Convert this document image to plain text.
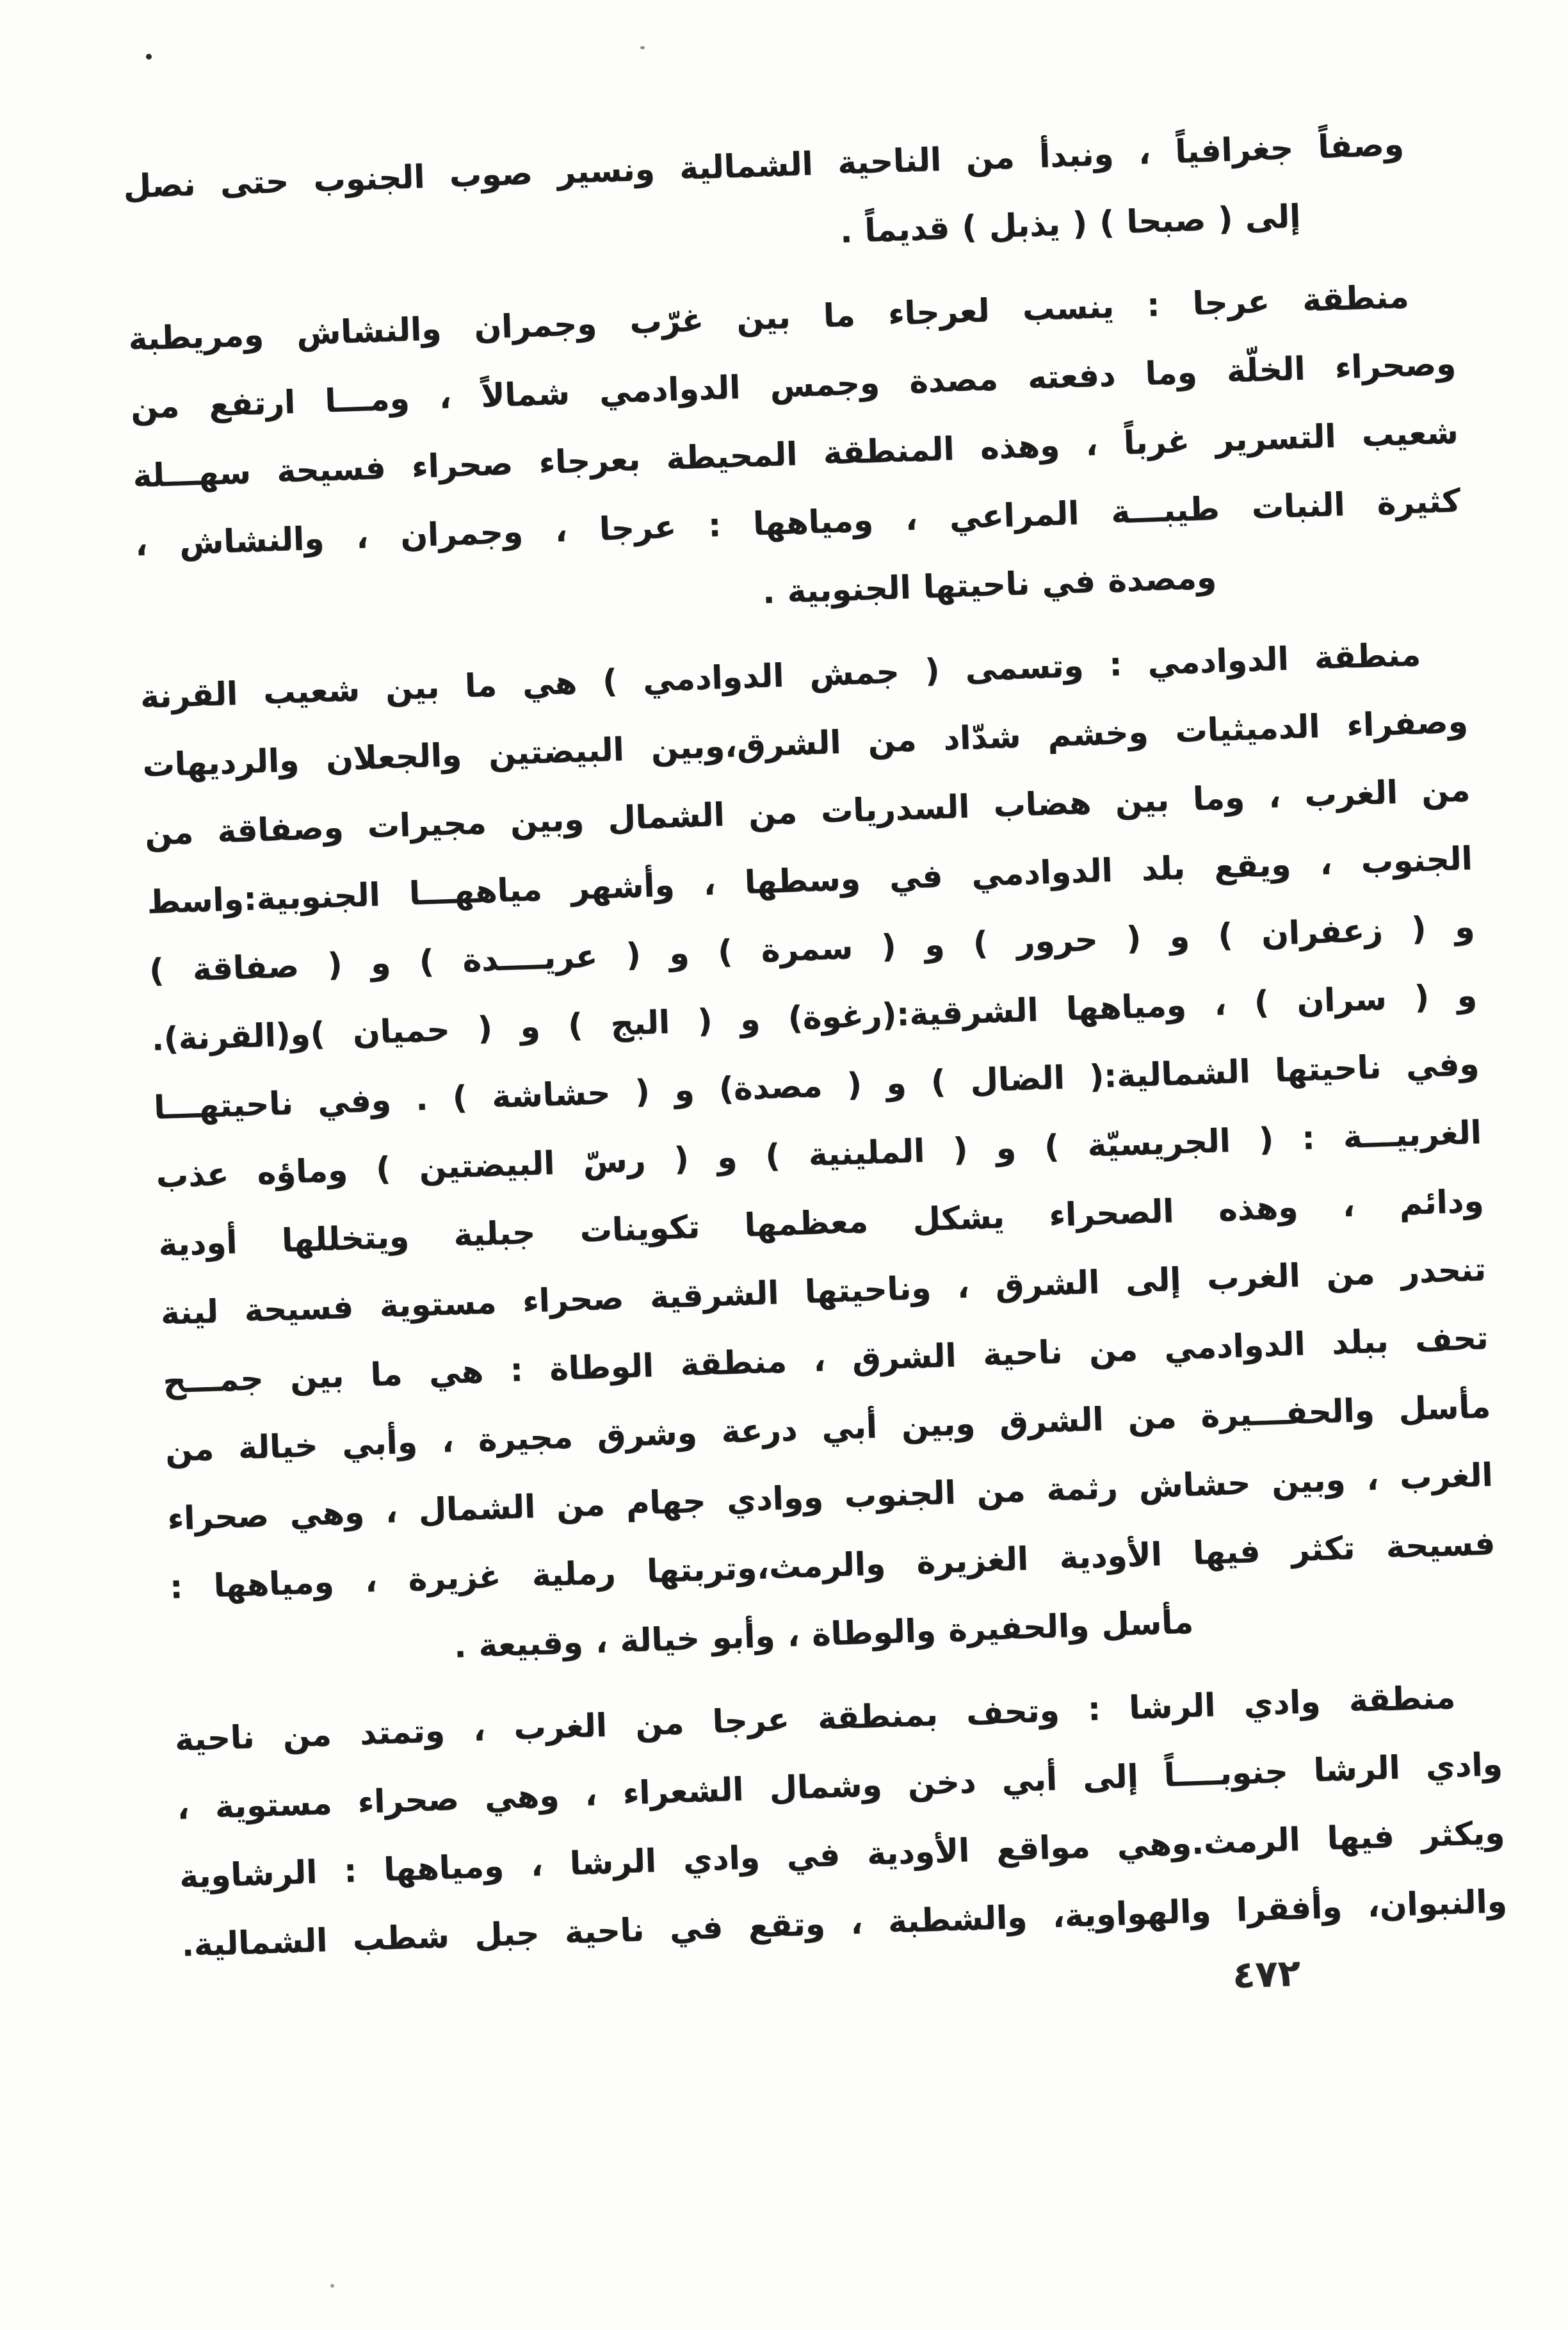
وصفاً جغرافياً ، ونبدأ من الناحية الشمالية ونسير صوب الجنوب حتى نصل
إلى ( صبحا ) ( يذبل ) قديماً .
منطقة عرجا : ينسب لعرجاء ما بين غرّب وجمران والنشاش ومريطبة
وصحراء الخلّة وما دفعته مصدة وجمس الدوادمي شمالاً ، ومـــا ارتفع من
شعيب التسرير غرباً ، وهذه المنطقة المحيطة بعرجاء صحراء فسيحة سهـــلة
كثيرة النبات طيبـــة المراعي ، ومياهها : عرجا ، وجمران ، والنشاش ،
ومصدة في ناحيتها الجنوبية .
منطقة الدوادمي : وتسمى ( جمش الدوادمي ) هي ما بين شعيب القرنة
وصفراء الدميثيات وخشم شدّاد من الشرق،وبين البيضتين والجعلان والرديهات
من الغرب ، وما بين هضاب السدريات من الشمال وبين مجيرات وصفاقة من
الجنوب ، ويقع بلد الدوادمي في وسطها ، وأشهر مياههـــا الجنوبية:واسط
و ( زعفران ) و ( حرور ) و ( سمرة ) و ( عريــــدة ) و ( صفاقة )
و ( سران ) ، ومياهها الشرقية:(رغوة) و ( البج ) و ( حميان )و(القرنة).
وفي ناحيتها الشمالية:( الضال ) و ( مصدة) و ( حشاشة ) . وفي ناحيتهـــا
الغربيـــة : ( الجريسيّة ) و ( الملينية ) و ( رسّ البيضتين ) وماؤه عذب
ودائم ، وهذه الصحراء يشكل معظمها تكوينات جبلية ويتخللها أودية
تنحدر من الغرب إلى الشرق ، وناحيتها الشرقية صحراء مستوية فسيحة لينة
تحف ببلد الدوادمي من ناحية الشرق ، منطقة الوطاة : هي ما بين جمـــح
مأسل والحفـــيرة من الشرق وبين أبي درعة وشرق مجيرة ، وأبي خيالة من
الغرب ، وبين حشاش رثمة من الجنوب ووادي جهام من الشمال ، وهي صحراء
فسيحة تكثر فيها الأودية الغزيرة والرمث،وتربتها رملية غزيرة ، ومياهها :
مأسل والحفيرة والوطاة ، وأبو خيالة ، وقبيعة .
منطقة وادي الرشا : وتحف بمنطقة عرجا من الغرب ، وتمتد من ناحية
وادي الرشا جنوبــــاً إلى أبي دخن وشمال الشعراء ، وهي صحراء مستوية ،
ويكثر فيها الرمث.وهي مواقع الأودية في وادي الرشا ، ومياهها : الرشاوية
والنبوان، وأفقرا والهواوية، والشطبة ، وتقع في ناحية جبل شطب الشمالية.
٤٧٢
